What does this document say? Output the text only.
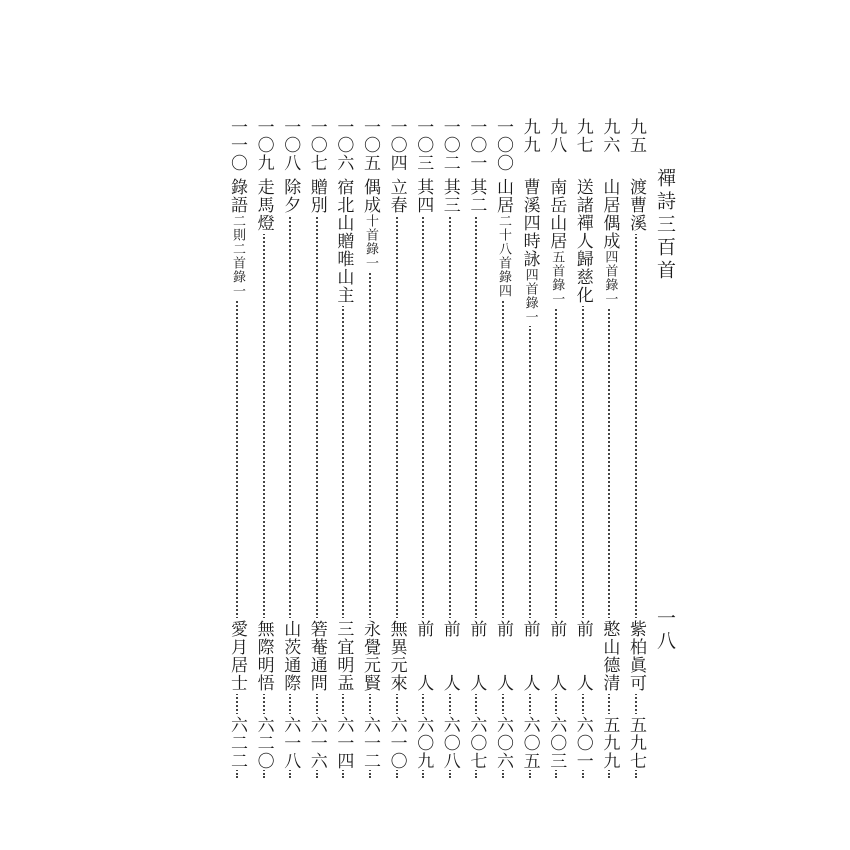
禪詩三百首
一八
九五
渡曹溪
紫柏眞可
五九七
九六
山居偶成四首錄一
憨山德清
五九九
九七
送諸禪人歸慈化
前　　人
六〇一
九八
南岳山居五首錄一
前　　人
六〇三
九九
曹溪四時詠四首錄一
前　　人
六〇五
一〇〇
山居二十八首錄四
前　　人
六〇六
一〇一
其二
前　　人
六〇七
一〇二
其三
前　　人
六〇八
一〇三
其四
前　　人
六〇九
一〇四
立春
無異元來
六一〇
一〇五
偶成十首錄一
永覺元賢
六一二
一〇六
宿北山贈唯山主
三宜明盂
六一四
一〇七
贈別
箬菴通問
六一六
一〇八
除夕
山茨通際
六一八
一〇九
走馬燈
無際明悟
六二〇
一一〇
錄語二則二首錄一
愛月居士
六二二
